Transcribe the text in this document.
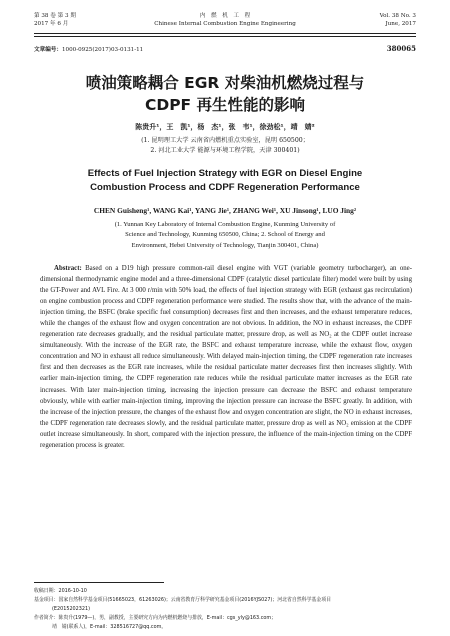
第 38 卷 第 3 期
2017 年 6 月
内　燃　机　工　程
Chinese Internal Combustion Engine Engineering
Vol. 38 No. 3
June, 2017
文章编号：1000-0925(2017)03-0131-11	380065
喷油策略耦合 EGR 对柴油机燃烧过程与
CDPF 再生性能的影响
陈贵升¹，王　凯¹，杨　杰¹，张　韦¹，徐劲松¹，靖　婧²
(1. 昆明理工大学 云南省内燃机重点实验室，昆明 650500；
2. 河北工业大学 能源与环境工程学院，天津 300401)
Effects of Fuel Injection Strategy with EGR on Diesel Engine
Combustion Process and CDPF Regeneration Performance
CHEN Guisheng¹, WANG Kai¹, YANG Jie¹, ZHANG Wei¹, XU Jinsong¹, LUO Jing²
(1. Yunnan Key Laboratory of Internal Combustion Engine, Kunming University of
Science and Technology, Kunming 650500, China; 2. School of Energy and
Environment, Hebei University of Technology, Tianjin 300401, China)
Abstract: Based on a D19 high pressure common-rail diesel engine with VGT (variable geometry turbocharger), an one-dimensional thermodynamic engine model and a three-dimensional CDPF (catalytic diesel particulate filter) model were built by using the GT-Power and AVL Fire. At 3 000 r/min with 50% load, the effects of fuel injection strategy with EGR (exhaust gas recirculation) on engine combustion process and CDPF regeneration performance were studied. The results show that, with the advance of the main-injection timing, the BSFC (brake specific fuel consumption) decreases first and then increases, and the exhaust temperature reduces, while the changes of the exhaust flow and oxygen concentration are not obvious. In addition, the NO in exhaust increases, the CDPF regeneration rate decreases gradually, and the residual particulate matter, pressure drop, as well as NO₂ at the CDPF outlet increase simultaneously. With the increase of the EGR rate, the BSFC and exhaust temperature increase, while the exhaust flow, oxygen concentration and NO in exhaust all reduce simultaneously. With delayed main-injection timing, the CDPF regeneration rate increases first and then decreases as the EGR rate increases, while the residual particulate matter decreases first then increases slightly. With earlier main-injection timing, the CDPF regeneration rate reduces while the residual particulate matter increases as the EGR rate increases. With later main-injection timing, increasing the injection pressure can decrease the BSFC and exhaust temperature obviously, while with earlier main-injection timing, improving the injection pressure can increase the BSFC greatly. In addition, with the increase of the injection pressure, the changes of the exhaust flow and oxygen concentration are slight, the NO in exhaust increases, the CDPF regeneration rate decreases slowly, and the residual particulate matter, pressure drop as well as NO₂ emission at the CDPF outlet increase simultaneously. In short, compared with the injection pressure, the influence of the main-injection timing on the CDPF regeneration process is greater.
收稿日期：2016-10-10
基金项目：国家自然科学基金项目(51665023，61263026)；云南省教育厅科学研究基金项目(2016YJS027)；河北省自然科学基金项目
(E2015202321)
作者简介：陈贵升(1979—)，男，副教授，主要研究方向为内燃机燃烧与排放，E-mail：cgs_yly@163.com；
靖　婧(联系人)，E-mail：328516727@qq.com。
